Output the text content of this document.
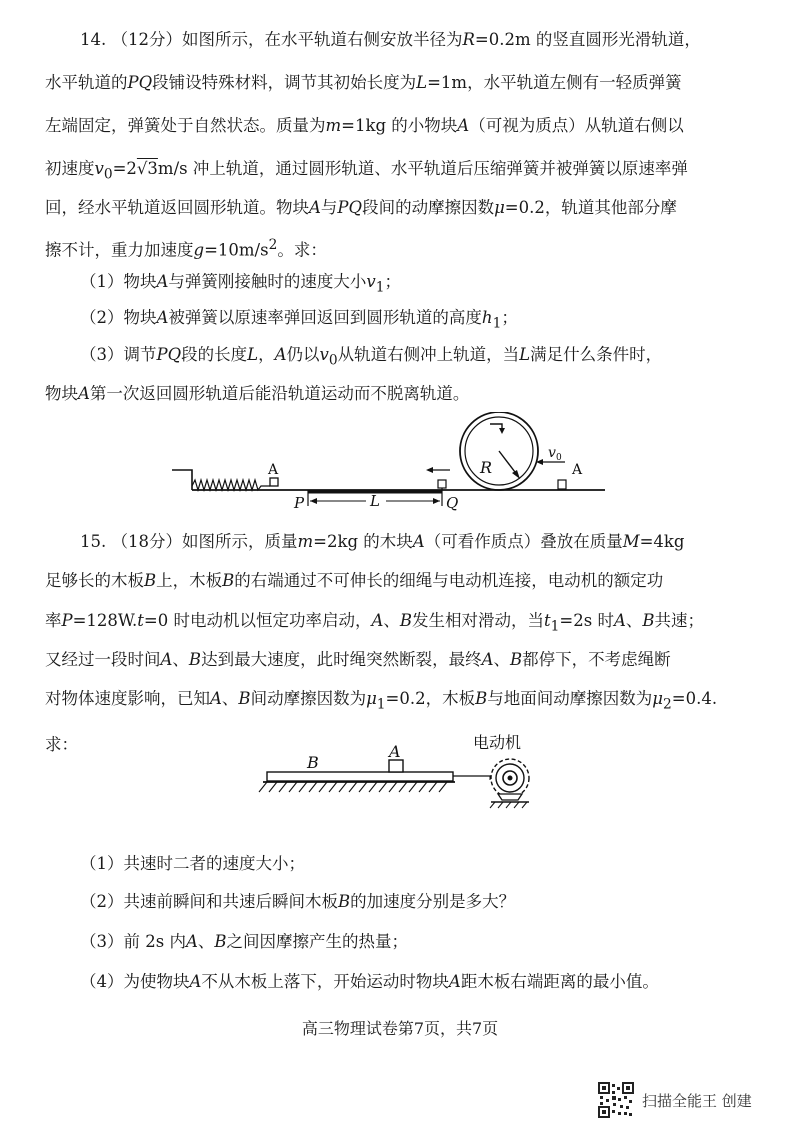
14. （12分）如图所示，在水平轨道右侧安放半径为R=0.2m 的竖直圆形光滑轨道，
水平轨道的PQ段铺设特殊材料，调节其初始长度为L=1m，水平轨道左侧有一轻质弹簧
左端固定，弹簧处于自然状态。质量为m=1kg 的小物块A（可视为质点）从轨道右侧以
初速度$v_0=2√3m/s$ 冲上轨道，通过圆形轨道、水平轨道后压缩弹簧并被弹簧以原速率弹
回，经水平轨道返回圆形轨道。物块A与PQ段间的动摩擦因数μ=0.2，轨道其他部分摩
擦不计，重力加速度$g=10m/s^2$。求：
（1）物块A与弹簧刚接触时的速度大小$v_1$；
（2）物块A被弹簧以原速率弹回返回到圆形轨道的高度$h_1$；
（3）调节PQ段的长度L，A仍以$v_0$从轨道右侧冲上轨道，当L满足什么条件时，
物块A第一次返回圆形轨道后能沿轨道运动而不脱离轨道。
A
P	Q
L
R	A
v 0
15. （18分）如图所示，质量m=2kg 的木块A（可看作质点）叠放在质量M=4kg
足够长的木板B上，木板B的右端通过不可伸长的细绳与电动机连接，电动机的额定功
率P=128W.t=0 时电动机以恒定功率启动，A、B发生相对滑动，当$t_1=2s$ 时A、B共速；
又经过一段时间A、B达到最大速度，此时绳突然断裂，最终A、B都停下，不考虑绳断
对物体速度影响，已知A、B间动摩擦因数为$\mu_1=0.2$，木板B与地面间动摩擦因数为$\mu_2=0.4$.
求：
B
A	电动机
（1）共速时二者的速度大小；
（2）共速前瞬间和共速后瞬间木板B的加速度分别是多大？
（3）前 2s 内A、B之间因摩擦产生的热量；
（4）为使物块A不从木板上落下，开始运动时物块A距木板右端距离的最小值。
高三物理试卷第7页，共7页
扫描全能王 创建
